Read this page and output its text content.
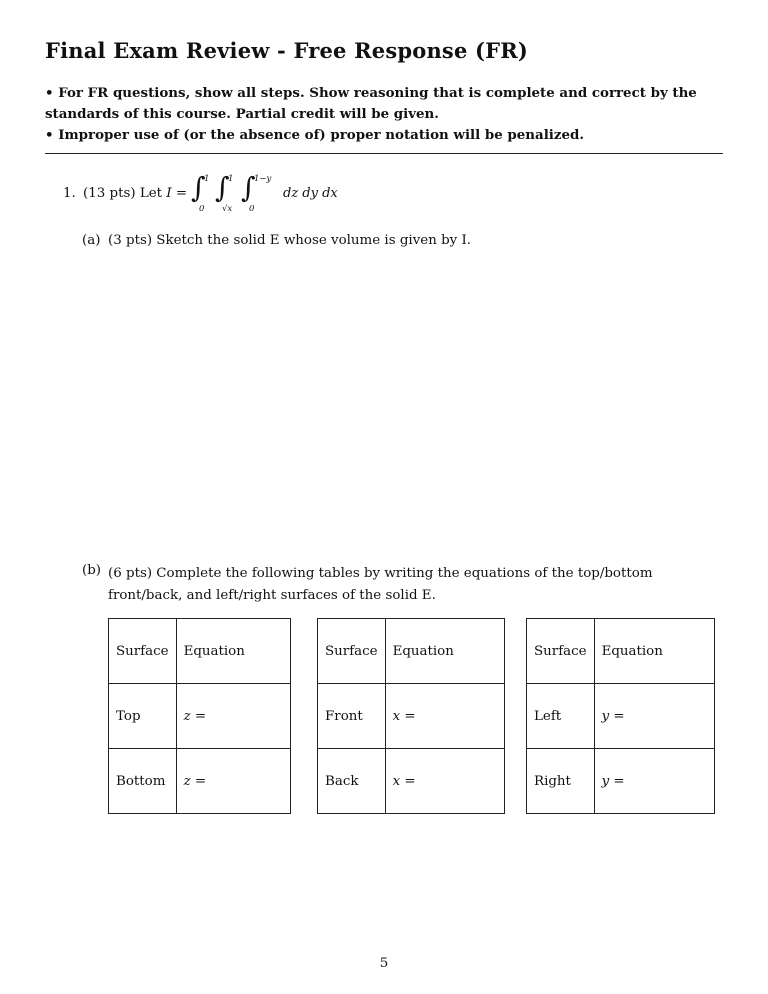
Final Exam Review - Free Response (FR)
• For FR questions, show all steps. Show reasoning that is complete and correct by the standards of this course. Partial credit will be given.
• Improper use of (or the absence of) proper notation will be penalized.
1. (13 pts) Let I = ∫
1
0
∫
1
√x
∫
1−y
0
dz dy dx
(a) (3 pts) Sketch the solid E whose volume is given by I.
(b) (6 pts) Complete the following tables by writing the equations of the top/bottom front/back, and left/right surfaces of the solid E.
Surface	Equation
Top	z =
Bottom	z =
Surface	Equation
Front	x =
Back	x =
Surface	Equation
Left	y =
Right	y =
5
